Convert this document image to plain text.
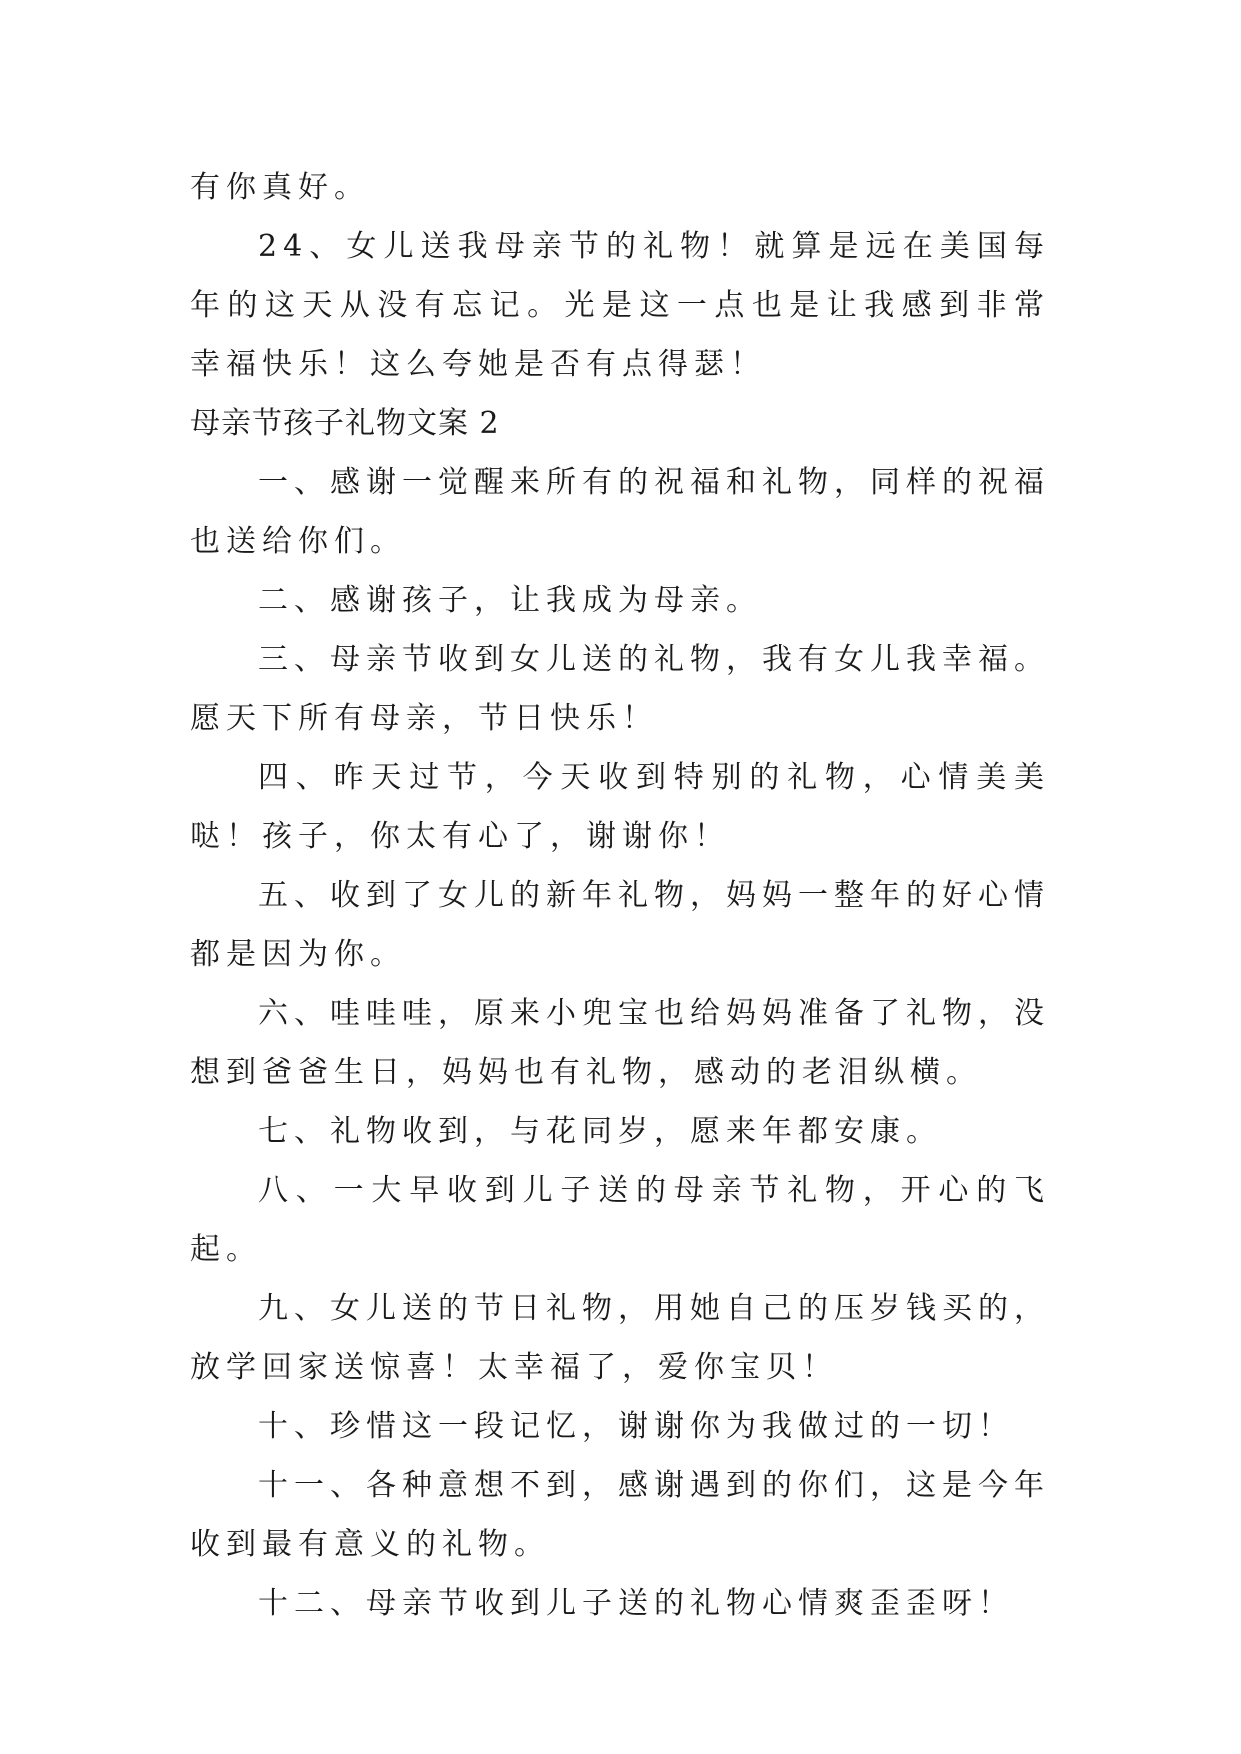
有你真好。

24、女儿送我母亲节的礼物！就算是远在美国每年的这天从没有忘记。光是这一点也是让我感到非常幸福快乐！这么夸她是否有点得瑟！

母亲节孩子礼物文案 2

一、感谢一觉醒来所有的祝福和礼物，同样的祝福也送给你们。

二、感谢孩子，让我成为母亲。

三、母亲节收到女儿送的礼物，我有女儿我幸福。愿天下所有母亲，节日快乐！

四、昨天过节，今天收到特别的礼物，心情美美哒！孩子，你太有心了，谢谢你！

五、收到了女儿的新年礼物，妈妈一整年的好心情都是因为你。

六、哇哇哇，原来小兜宝也给妈妈准备了礼物，没想到爸爸生日，妈妈也有礼物，感动的老泪纵横。

七、礼物收到，与花同岁，愿来年都安康。

八、一大早收到儿子送的母亲节礼物，开心的飞起。

九、女儿送的节日礼物，用她自己的压岁钱买的，放学回家送惊喜！太幸福了，爱你宝贝！

十、珍惜这一段记忆，谢谢你为我做过的一切！

十一、各种意想不到，感谢遇到的你们，这是今年收到最有意义的礼物。

十二、母亲节收到儿子送的礼物心情爽歪歪呀！
